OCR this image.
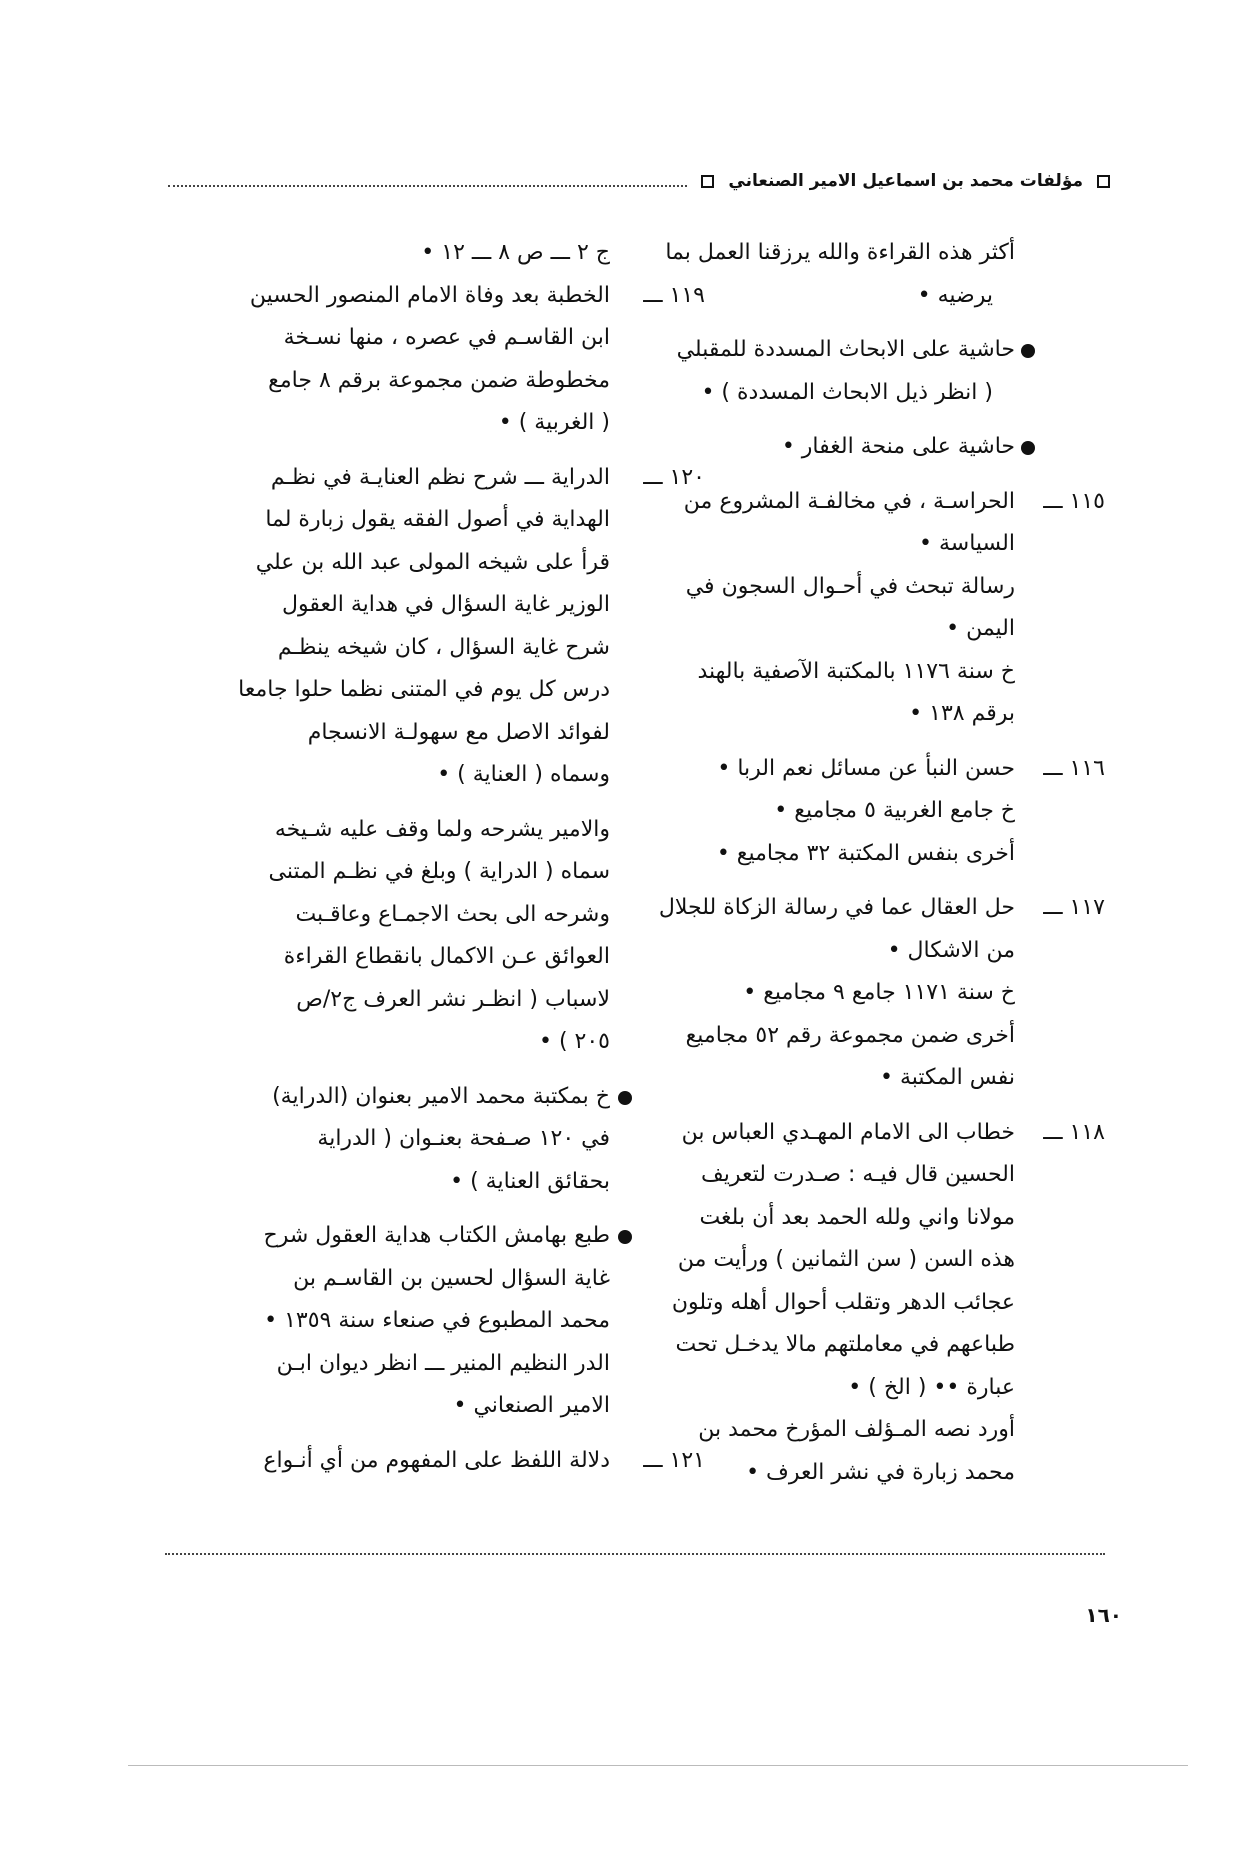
مؤلفات محمد بن اسماعيل الامير الصنعاني
أكثر هذه القراءة والله يرزقنا العمل بما
يرضيه •
حاشية على الابحاث المسددة للمقبلي
( انظر ذيل الابحاث المسددة ) •
حاشية على منحة الغفار •
١١٥ ـــ
الحراسـة ، في مخالفـة المشروع من
السياسة •
رسالة تبحث في أحـوال السجون في
اليمن •
خ سنة ١١٧٦ بالمكتبة الآصفية بالهند
برقم ١٣٨ •
١١٦ ـــ
حسن النبأ عن مسائل نعم الربا •
خ جامع الغربية ٥ مجاميع •
أخرى بنفس المكتبة ٣٢ مجاميع •
١١٧ ـــ
حل العقال عما في رسالة الزكاة للجلال
من الاشكال •
خ سنة ١١٧١ جامع ٩ مجاميع •
أخرى ضمن مجموعة رقم ٥٢ مجاميع
نفس المكتبة •
١١٨ ـــ
خطاب الى الامام المهـدي العباس بن
الحسين قال فيـه : صـدرت لتعريف
مولانا واني ولله الحمد بعد أن بلغت
هذه السن ( سن الثمانين ) ورأيت من
عجائب الدهر وتقلب أحوال أهله وتلون
طباعهم في معاملتهم مالا يدخـل تحت
عبارة •• ( الخ ) •
أورد نصه المـؤلف المؤرخ محمد بن
محمد زبارة في نشر العرف •
ج ٢ ـــ ص ٨ ـــ ١٢ •
١١٩ ـــ
الخطبة بعد وفاة الامام المنصور الحسين
ابن القاسـم في عصره ، منها نسـخة
مخطوطة ضمن مجموعة برقم ٨ جامع
( الغربية ) •
١٢٠ ـــ
الدراية ـــ شرح نظم العنايـة في نظـم
الهداية في أصول الفقه يقول زبارة لما
قرأ على شيخه المولى عبد الله بن علي
الوزير غاية السؤال في هداية العقول
شرح غاية السؤال ، كان شيخه ينظـم
درس كل يوم في المتنى نظما حلوا جامعا
لفوائد الاصل مع سهولـة الانسجام
وسماه ( العناية ) •
والامير يشرحه ولما وقف عليه شـيخه
سماه ( الدراية ) وبلغ في نظـم المتنى
وشرحه الى بحث الاجمـاع وعاقـبت
العوائق عـن الاكمال بانقطاع القراءة
لاسباب ( انظـر نشر العرف ج٢/ص
٢٠٥ ) •
خ بمكتبة محمد الامير بعنوان (الدراية)
في ١٢٠ صـفحة بعنـوان ( الدراية
بحقائق العناية ) •
طبع بهامش الكتاب هداية العقول شرح
غاية السؤال لحسين بن القاسـم بن
محمد المطبوع في صنعاء سنة ١٣٥٩ •
الدر النظيم المنير ـــ انظر ديوان ابـن
الامير الصنعاني •
١٢١ ـــ
دلالة اللفظ على المفهوم من أي أنـواع
١٦٠
